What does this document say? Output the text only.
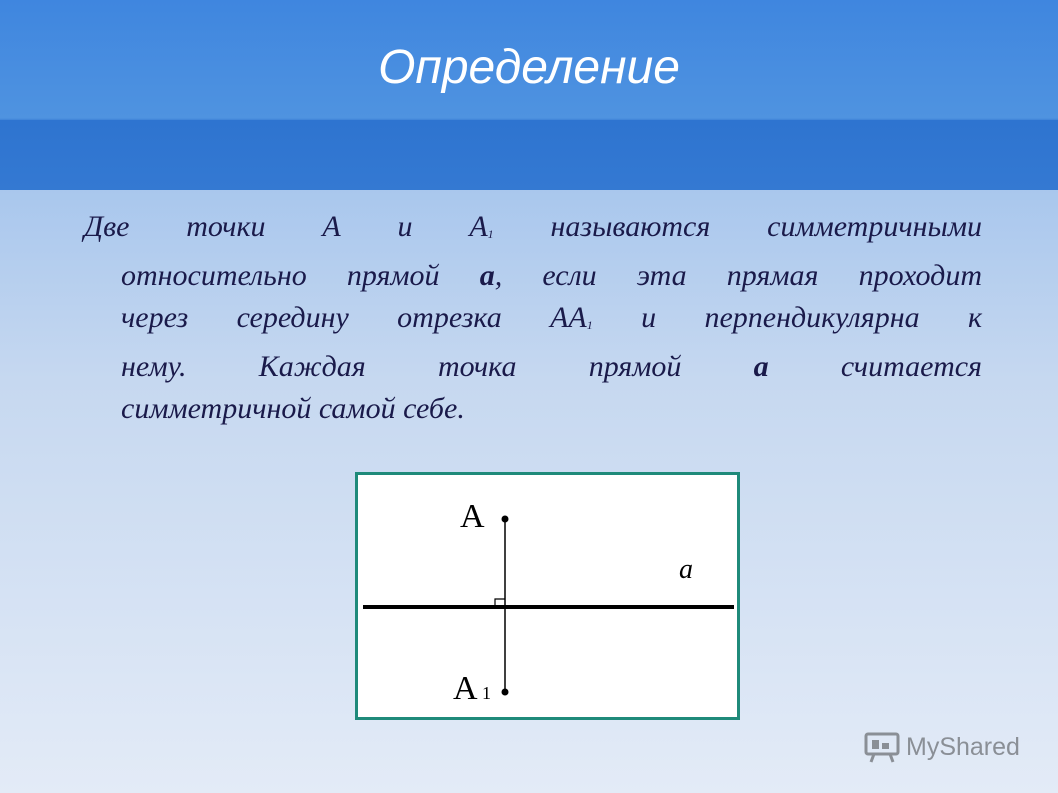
Определение
Две точки А и А1 называются симметричными
относительно прямой а, если эта прямая проходит
через середину отрезка АА1 и перпендикулярна к
нему. Каждая точка прямой а считается
симметричной самой себе.
A
A 1
a
MyShared
